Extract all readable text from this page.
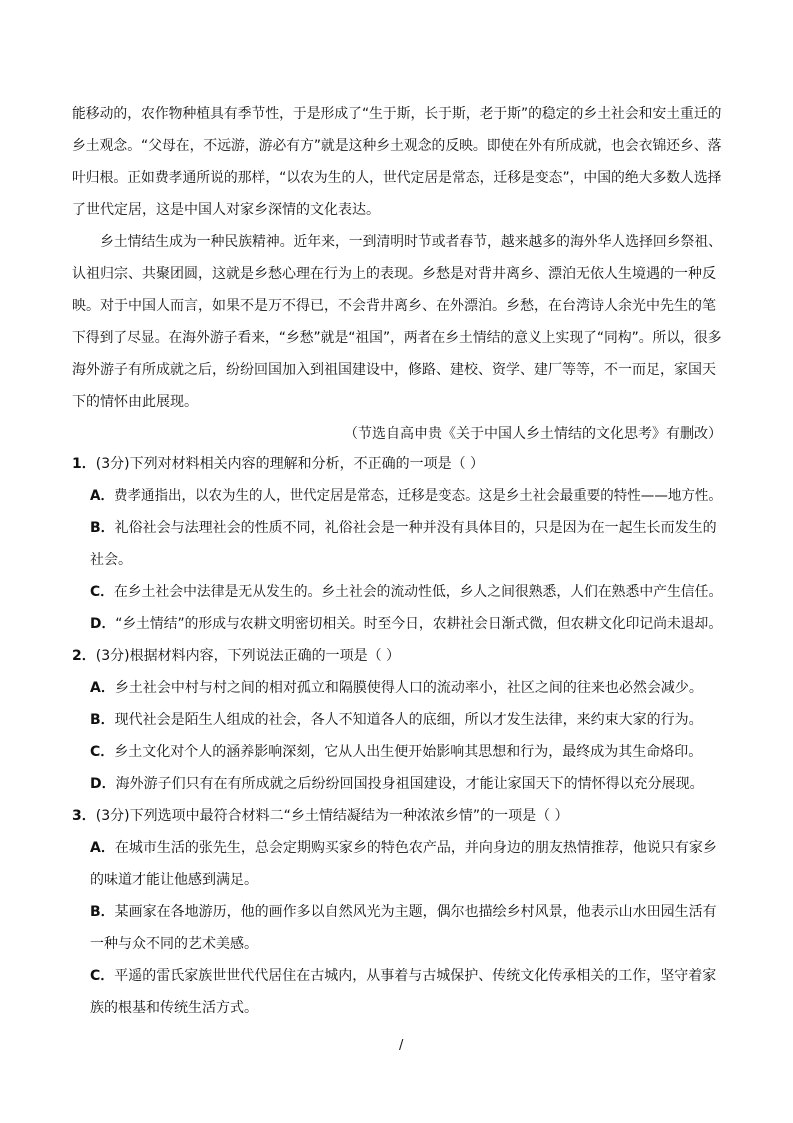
能移动的，农作物种植具有季节性，于是形成了“生于斯，长于斯，老于斯”的稳定的乡土社会和安土重迁的
乡土观念。“父母在，不远游，游必有方”就是这种乡土观念的反映。即使在外有所成就，也会衣锦还乡、落
叶归根。正如费孝通所说的那样，“以农为生的人，世代定居是常态，迁移是变态”，中国的绝大多数人选择
了世代定居，这是中国人对家乡深情的文化表达。
乡土情结生成为一种民族精神。近年来，一到清明时节或者春节，越来越多的海外华人选择回乡祭祖、
认祖归宗、共聚团圆，这就是乡愁心理在行为上的表现。乡愁是对背井离乡、漂泊无依人生境遇的一种反
映。对于中国人而言，如果不是万不得已，不会背井离乡、在外漂泊。乡愁，在台湾诗人余光中先生的笔
下得到了尽显。在海外游子看来，“乡愁”就是“祖国”，两者在乡土情结的意义上实现了“同构”。所以，很多
海外游子有所成就之后，纷纷回国加入到祖国建设中，修路、建校、资学、建厂等等，不一而足，家国天
下的情怀由此展现。
（节选自高申贵《关于中国人乡土情结的文化思考》有删改）
1．(3分)下列对材料相关内容的理解和分析，不正确的一项是（ ）
A．费孝通指出，以农为生的人，世代定居是常态，迁移是变态。这是乡土社会最重要的特性——地方性。
B．礼俗社会与法理社会的性质不同，礼俗社会是一种并没有具体目的，只是因为在一起生长而发生的
社会。
C．在乡土社会中法律是无从发生的。乡土社会的流动性低，乡人之间很熟悉，人们在熟悉中产生信任。
D．“乡土情结”的形成与农耕文明密切相关。时至今日，农耕社会日渐式微，但农耕文化印记尚未退却。
2．(3分)根据材料内容，下列说法正确的一项是（ ）
A．乡土社会中村与村之间的相对孤立和隔膜使得人口的流动率小，社区之间的往来也必然会减少。
B．现代社会是陌生人组成的社会，各人不知道各人的底细，所以才发生法律，来约束大家的行为。
C．乡土文化对个人的涵养影响深刻，它从人出生便开始影响其思想和行为，最终成为其生命烙印。
D．海外游子们只有在有所成就之后纷纷回国投身祖国建设，才能让家国天下的情怀得以充分展现。
3．(3分)下列选项中最符合材料二“乡土情结凝结为一种浓浓乡情”的一项是（ ）
A．在城市生活的张先生，总会定期购买家乡的特色农产品，并向身边的朋友热情推荐，他说只有家乡
的味道才能让他感到满足。
B．某画家在各地游历，他的画作多以自然风光为主题，偶尔也描绘乡村风景，他表示山水田园生活有
一种与众不同的艺术美感。
C．平遥的雷氏家族世世代代居住在古城内，从事着与古城保护、传统文化传承相关的工作，坚守着家
族的根基和传统生活方式。
/
